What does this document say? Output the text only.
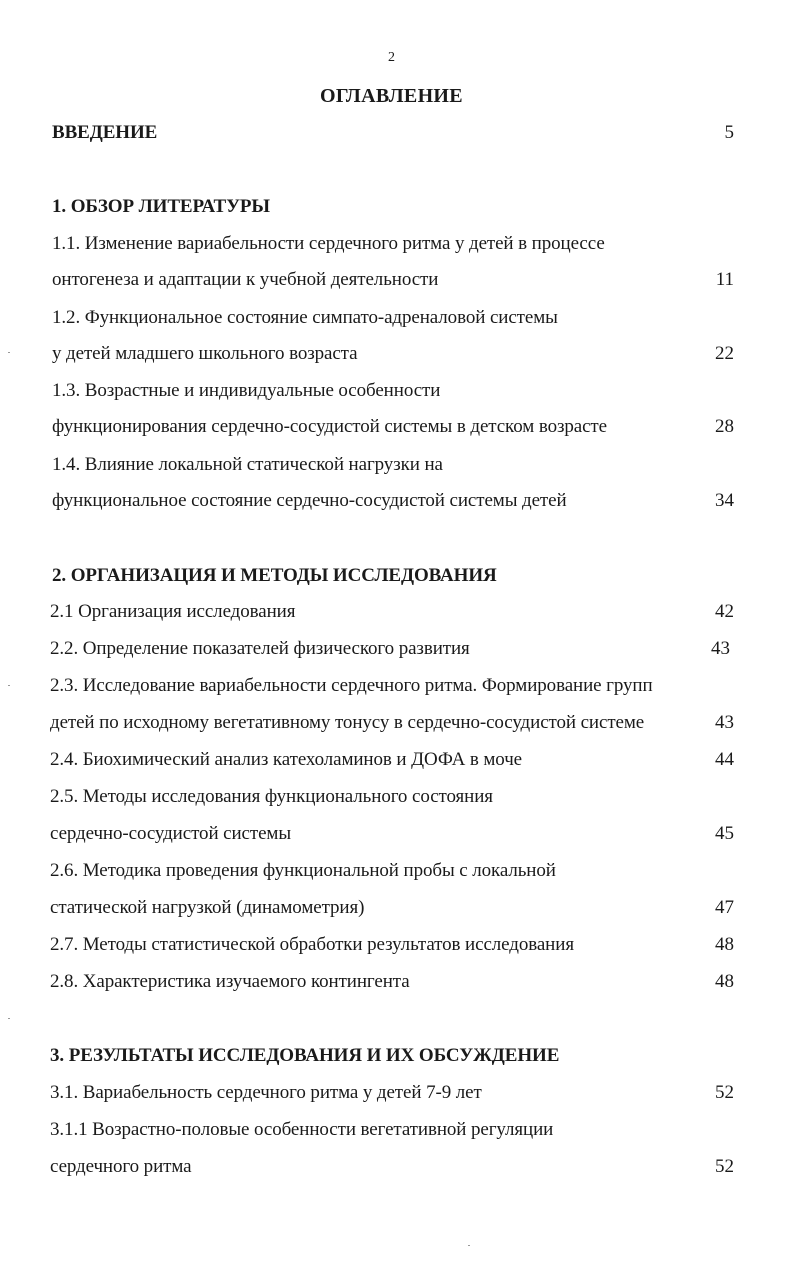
2
ОГЛАВЛЕНИЕ
ВВЕДЕНИЕ	5
1. ОБЗОР ЛИТЕРАТУРЫ
1.1. Изменение вариабельности сердечного ритма у детей в процессе
онтогенеза и адаптации к учебной деятельности	11
1.2. Функциональное состояние симпато-адреналовой системы
у детей младшего школьного возраста	22
1.3. Возрастные и индивидуальные особенности
функционирования сердечно-сосудистой системы в детском возрасте	28
1.4. Влияние локальной статической нагрузки на
функциональное состояние сердечно-сосудистой системы детей	34
2. ОРГАНИЗАЦИЯ И МЕТОДЫ ИССЛЕДОВАНИЯ
2.1 Организация исследования	42
2.2. Определение показателей физического развития	43
2.3. Исследование вариабельности сердечного ритма. Формирование групп
детей по исходному вегетативному тонусу в сердечно-сосудистой системе	43
2.4. Биохимический анализ катехоламинов и ДОФА в моче	44
2.5. Методы исследования функционального состояния
сердечно-сосудистой системы	45
2.6. Методика проведения функциональной пробы с локальной
статической нагрузкой (динамометрия)	47
2.7. Методы статистической обработки результатов исследования	48
2.8. Характеристика изучаемого контингента	48
3. РЕЗУЛЬТАТЫ ИССЛЕДОВАНИЯ И ИХ ОБСУЖДЕНИЕ
3.1. Вариабельность сердечного ритма у детей 7-9 лет	52
3.1.1 Возрастно-половые особенности вегетативной регуляции
сердечного ритма	52
